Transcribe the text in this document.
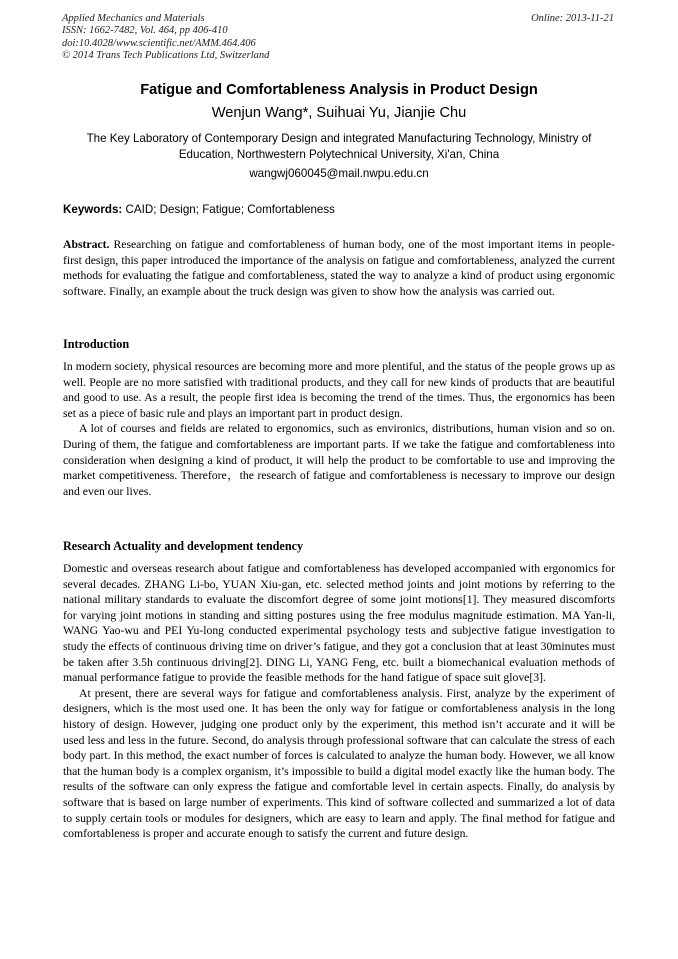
Applied Mechanics and Materials
ISSN: 1662-7482, Vol. 464, pp 406-410
doi:10.4028/www.scientific.net/AMM.464.406
© 2014 Trans Tech Publications Ltd, Switzerland
Online: 2013-11-21
Fatigue and Comfortableness Analysis in Product Design
Wenjun Wang*, Suihuai Yu, Jianjie Chu
The Key Laboratory of Contemporary Design and integrated Manufacturing Technology, Ministry of Education, Northwestern Polytechnical University, Xi'an, China
wangwj060045@mail.nwpu.edu.cn
Keywords: CAID; Design; Fatigue; Comfortableness

Abstract. Researching on fatigue and comfortableness of human body, one of the most important items in people-first design, this paper introduced the importance of the analysis on fatigue and comfortableness, analyzed the current methods for evaluating the fatigue and comfortableness, stated the way to analyze a kind of product using ergonomic software. Finally, an example about the truck design was given to show how the analysis was carried out.

Introduction

In modern society, physical resources are becoming more and more plentiful, and the status of the people grows up as well. People are no more satisfied with traditional products, and they call for new kinds of products that are beautiful and good to use. As a result, the people first idea is becoming the trend of the times. Thus, the ergonomics has been set as a piece of basic rule and plays an important part in product design.

A lot of courses and fields are related to ergonomics, such as environics, distributions, human vision and so on. During of them, the fatigue and comfortableness are important parts. If we take the fatigue and comfortableness into consideration when designing a kind of product, it will help the product to be comfortable to use and improving the market competitiveness. Therefore，the research of fatigue and comfortableness is necessary to improve our design and even our lives.

Research Actuality and development tendency

Domestic and overseas research about fatigue and comfortableness has developed accompanied with ergonomics for several decades. ZHANG Li-bo, YUAN Xiu-gan, etc. selected method joints and joint motions by referring to the national military standards to evaluate the discomfort degree of some joint motions[1]. They measured discomforts for varying joint motions in standing and sitting postures using the free modulus magnitude estimation. MA Yan-li, WANG Yao-wu and PEI Yu-long conducted experimental psychology tests and subjective fatigue investigation to study the effects of continuous driving time on driver’s fatigue, and they got a conclusion that at least 30minutes must be taken after 3.5h continuous driving[2]. DING Li, YANG Feng, etc. built a biomechanical evaluation methods of manual performance fatigue to provide the feasible methods for the hand fatigue of space suit glove[3].

At present, there are several ways for fatigue and comfortableness analysis. First, analyze by the experiment of designers, which is the most used one. It has been the only way for fatigue or comfortableness analysis in the long history of design. However, judging one product only by the experiment, this method isn’t accurate and it will be used less and less in the future. Second, do analysis through professional software that can calculate the stress of each body part. In this method, the exact number of forces is calculated to analyze the human body. However, we all know that the human body is a complex organism, it’s impossible to build a digital model exactly like the human body. The results of the software can only express the fatigue and comfortable level in certain aspects. Finally, do analysis by software that is based on large number of experiments. This kind of software collected and summarized a lot of data to supply certain tools or modules for designers, which are easy to learn and apply. The final method for fatigue and comfortableness is proper and accurate enough to satisfy the current and future design.
